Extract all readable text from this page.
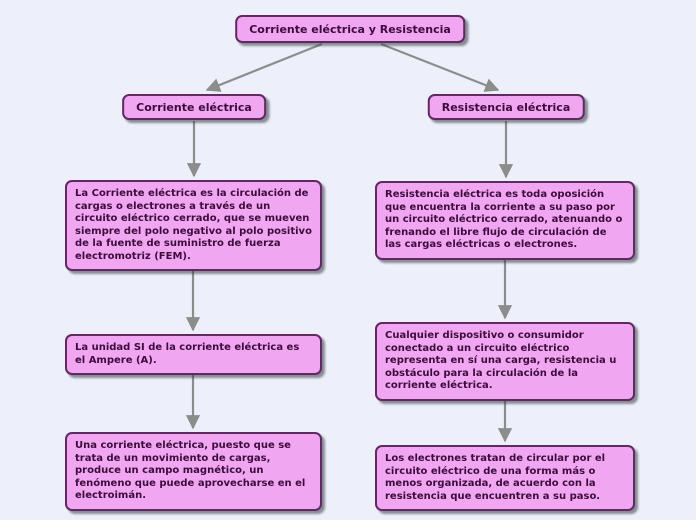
Corriente eléctrica y Resistencia
Corriente eléctrica	Resistencia eléctrica
La Corriente eléctrica es la circulación de cargas o electrones a través de un circuito eléctrico cerrado, que se mueven siempre del polo negativo al polo positivo de la fuente de suministro de fuerza electromotriz (FEM).
La unidad SI de la corriente eléctrica es el Ampere (A).
Una corriente eléctrica, puesto que se trata de un movimiento de cargas, produce un campo magnético, un fenómeno que puede aprovecharse en el electroimán.
Resistencia eléctrica es toda oposición que encuentra la corriente a su paso por un circuito eléctrico cerrado, atenuando o frenando el libre flujo de circulación de las cargas eléctricas o electrones.
Cualquier dispositivo o consumidor conectado a un circuito eléctrico representa en sí una carga, resistencia u obstáculo para la circulación de la corriente eléctrica.
Los electrones tratan de circular por el circuito eléctrico de una forma más o menos organizada, de acuerdo con la resistencia que encuentren a su paso.
